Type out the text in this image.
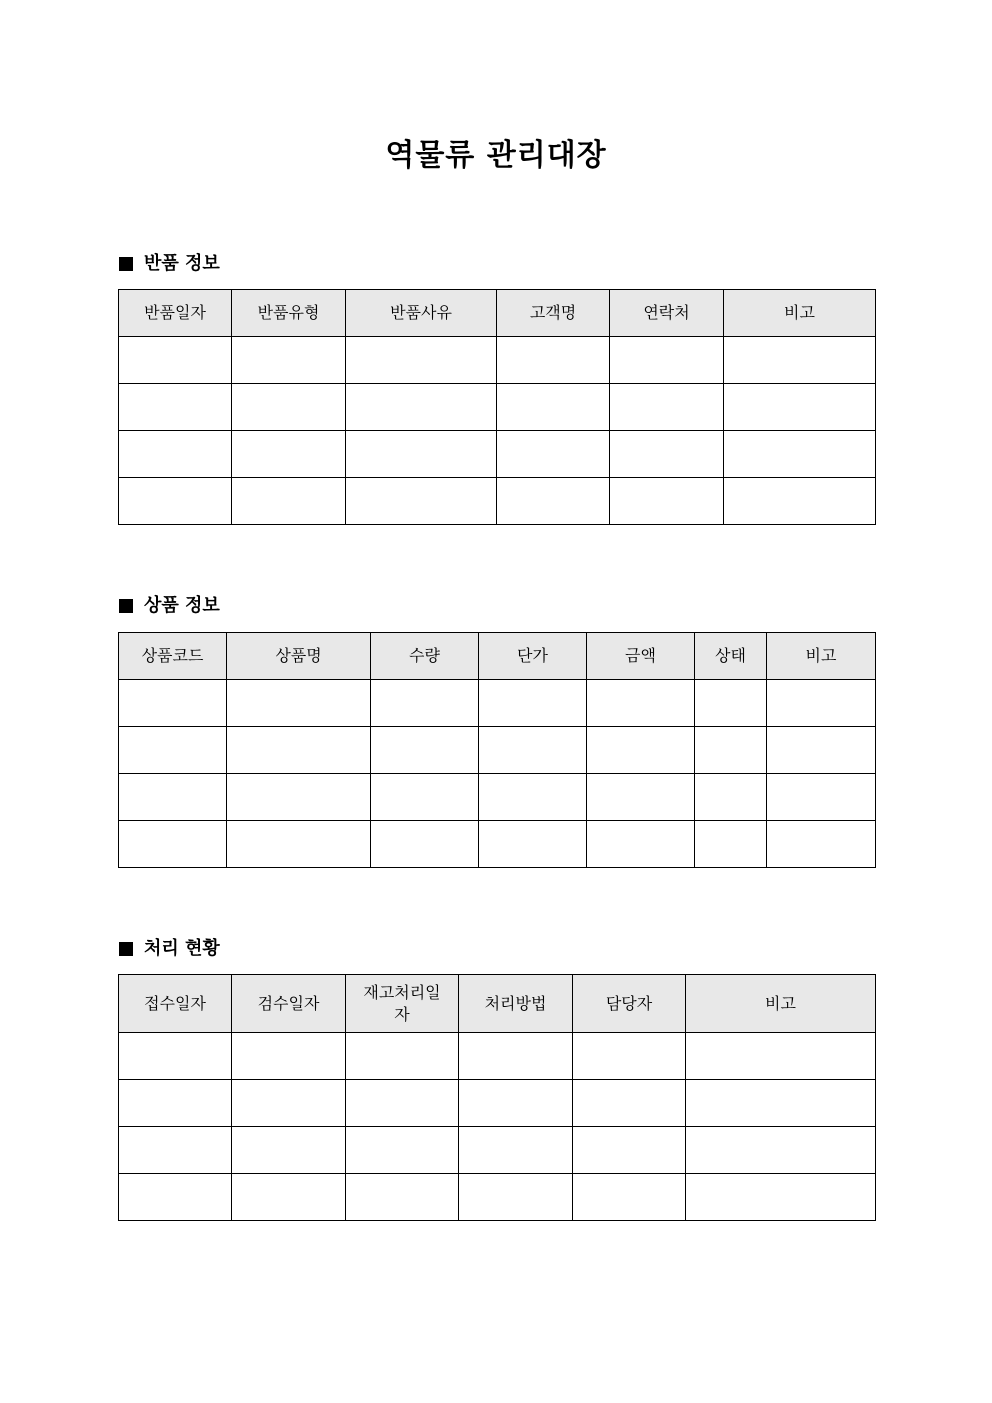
역물류 관리대장
반품 정보
반품일자	반품유형	반품사유	고객명	연락처	비고

상품 정보
상품코드	상품명	수량	단가	금액	상태	비고

처리 현황
접수일자	검수일자	재고처리일자	처리방법	담당자	비고
